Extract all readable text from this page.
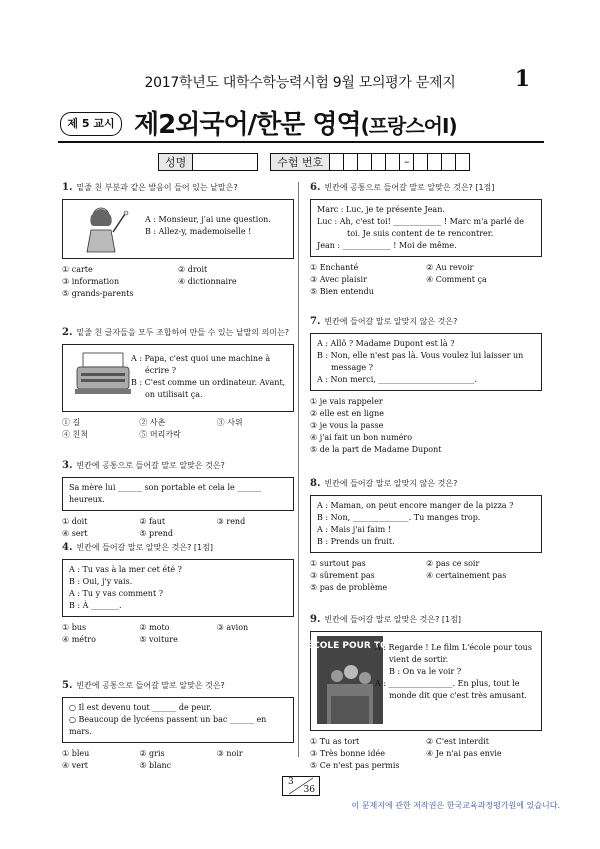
2017학년도 대학수학능력시험 9월 모의평가 문제지	1
제 5 교시 제2외국어/한문 영역(프랑스어Ⅰ)
성명	수험 번호	–
1. 밑줄 친 부분과 같은 발음이 들어 있는 낱말은?

A : Monsieur, j'ai une question.

B : Allez-y, mademoiselle !

① carte	② droit
③ information	④ dictionnaire
⑤ grands-parents
2. 밑줄 친 글자들을 모두 조합하여 만들 수 있는 낱말의 의미는?

A : Papa, c'est quoi une machine à écrire ?

B : C'est comme un ordinateur. Avant, on utilisait ça.

① 길	② 사촌	③ 사위
④ 친척	⑤ 머리카락
3. 빈칸에 공통으로 들어갈 말로 알맞은 것은?

Sa mère lui ______ son portable et cela le ______ heureux.

① doit	② faut	③ rend
④ sert	⑤ prend
4. 빈칸에 들어갈 말로 알맞은 것은? [1점]

A : Tu vas à la mer cet été ?

B : Oui, j'y vais.

A : Tu y vas comment ?

B : À _______.

① bus	② moto	③ avion
④ métro	⑤ voiture
5. 빈칸에 공통으로 들어갈 말로 알맞은 것은?

○ Il est devenu tout ______ de peur.

○ Beaucoup de lycéens passent un bac ______ en mars.

① bleu	② gris	③ noir
④ vert	⑤ blanc
6. 빈칸에 공통으로 들어갈 말로 알맞은 것은? [1점]

Marc : Luc, je te présente Jean.

Luc : Ah, c'est toi! ____________ ! Marc m'a parlé de toi. Je suis content de te rencontrer.

Jean : ____________ ! Moi de même.

① Enchanté	② Au revoir
③ Avec plaisir	④ Comment ça
⑤ Bien entendu
7. 빈칸에 들어갈 말로 알맞지 않은 것은?

A : Allô ? Madame Dupont est là ?

B : Non, elle n'est pas là. Vous voulez lui laisser un message ?

A : Non merci, ________________________.

① je vais rappeler
② elle est en ligne
③ je vous la passe
④ j'ai fait un bon numéro
⑤ de la part de Madame Dupont
8. 빈칸에 들어갈 말로 알맞지 않은 것은?

A : Maman, on peut encore manger de la pizza ?

B : Non, ______________. Tu manges trop.

A : Mais j'ai faim !

B : Prends un fruit.

① surtout pas	② pas ce soir
③ sûrement pas	④ certainement pas
⑤ pas de problème
9. 빈칸에 들어갈 말로 알맞은 것은? [1점]
L'ÉCOLE POUR TOUS

A : Regarde ! Le film L'école pour tous vient de sortir.

B : On va le voir ?

A : ________________. En plus, tout le monde dit que c'est très amusant.

① Tu as tort	② C'est interdit
③ Très bonne idée	④ Je n'ai pas envie
⑤ Ce n'est pas permis
3
36
이 문제지에 관한 저작권은 한국교육과정평가원에 있습니다.
